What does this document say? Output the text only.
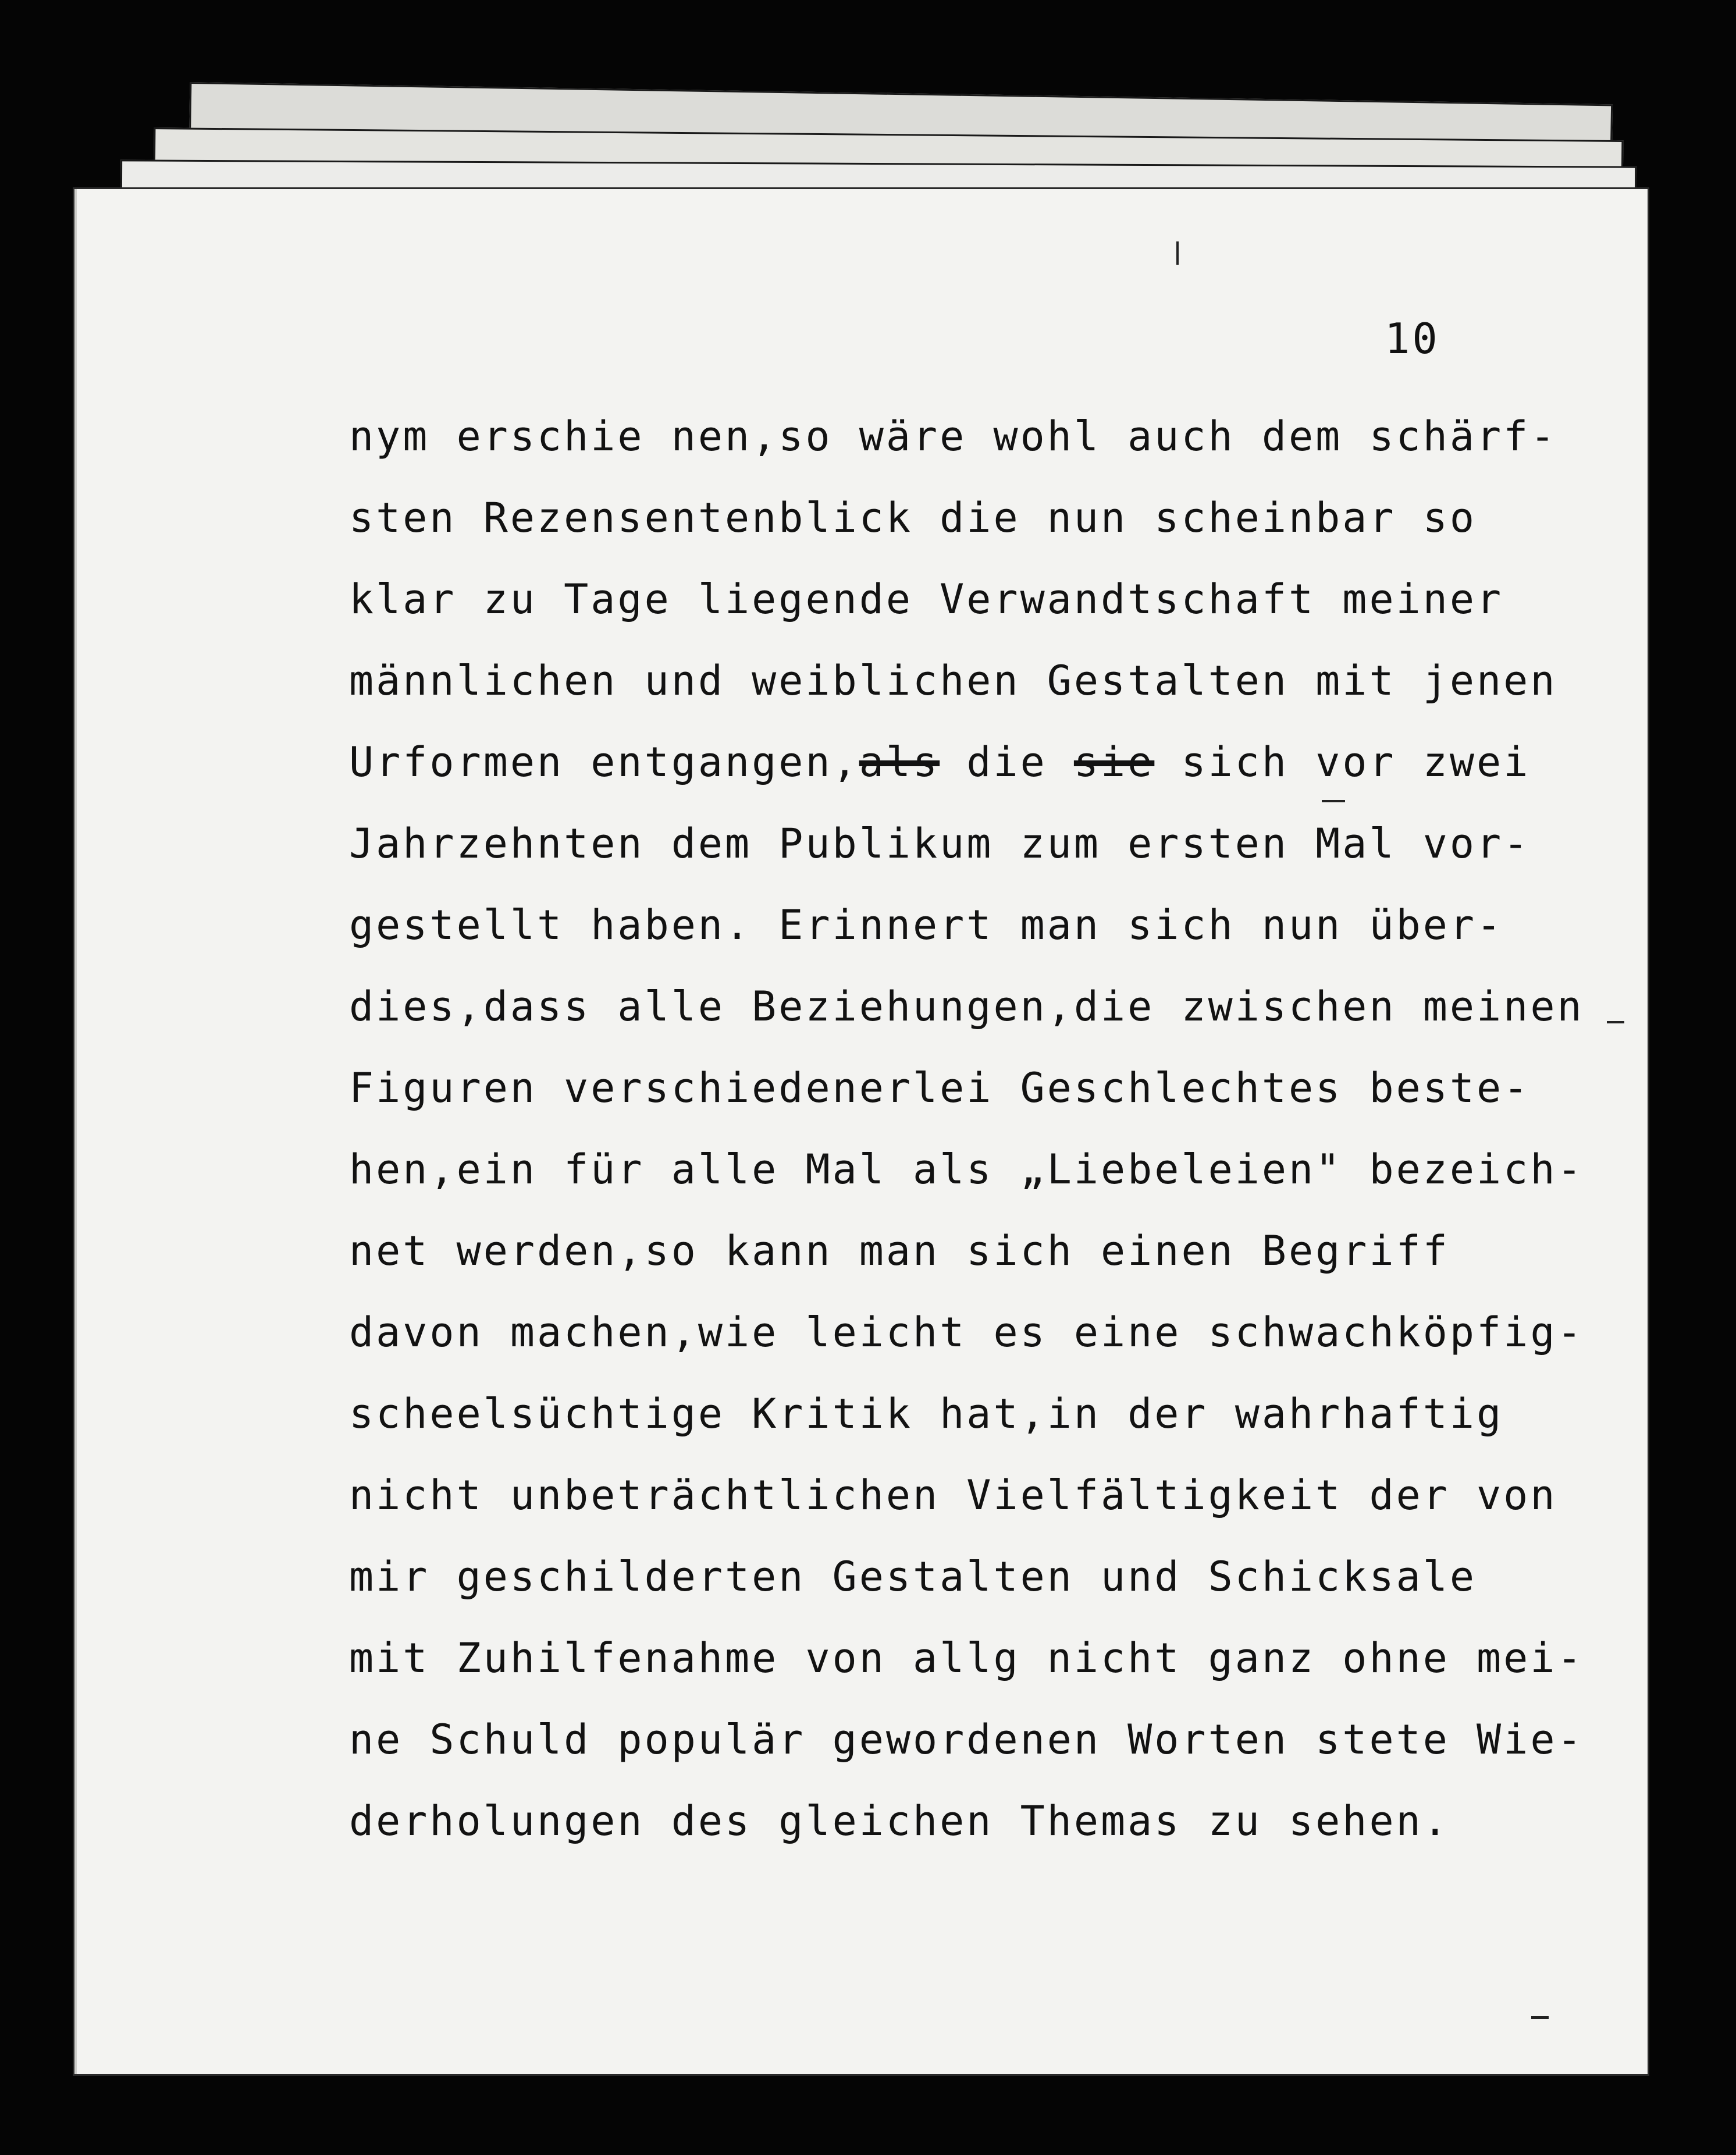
10
nym erschie nen,so wäre wohl auch dem schärf-
sten Rezensentenblick die nun scheinbar so
klar zu Tage liegende Verwandtschaft meiner
männlichen und weiblichen Gestalten mit jenen
Urformen entgangen,als die sie sich vor zwei
Jahrzehnten dem Publikum zum ersten Mal vor-
gestellt haben. Erinnert man sich nun über-
dies,dass alle Beziehungen,die zwischen meinen
Figuren verschiedenerlei Geschlechtes beste-
hen,ein für alle Mal als „Liebeleien" bezeich-
net werden,so kann man sich einen Begriff
davon machen,wie leicht es eine schwachköpfig-
scheelsüchtige Kritik hat,in der wahrhaftig
nicht unbeträchtlichen Vielfältigkeit der von
mir geschilderten Gestalten und Schicksale
mit Zuhilfenahme von allg nicht ganz ohne mei-
ne Schuld populär gewordenen Worten stete Wie-
derholungen des gleichen Themas zu sehen.
